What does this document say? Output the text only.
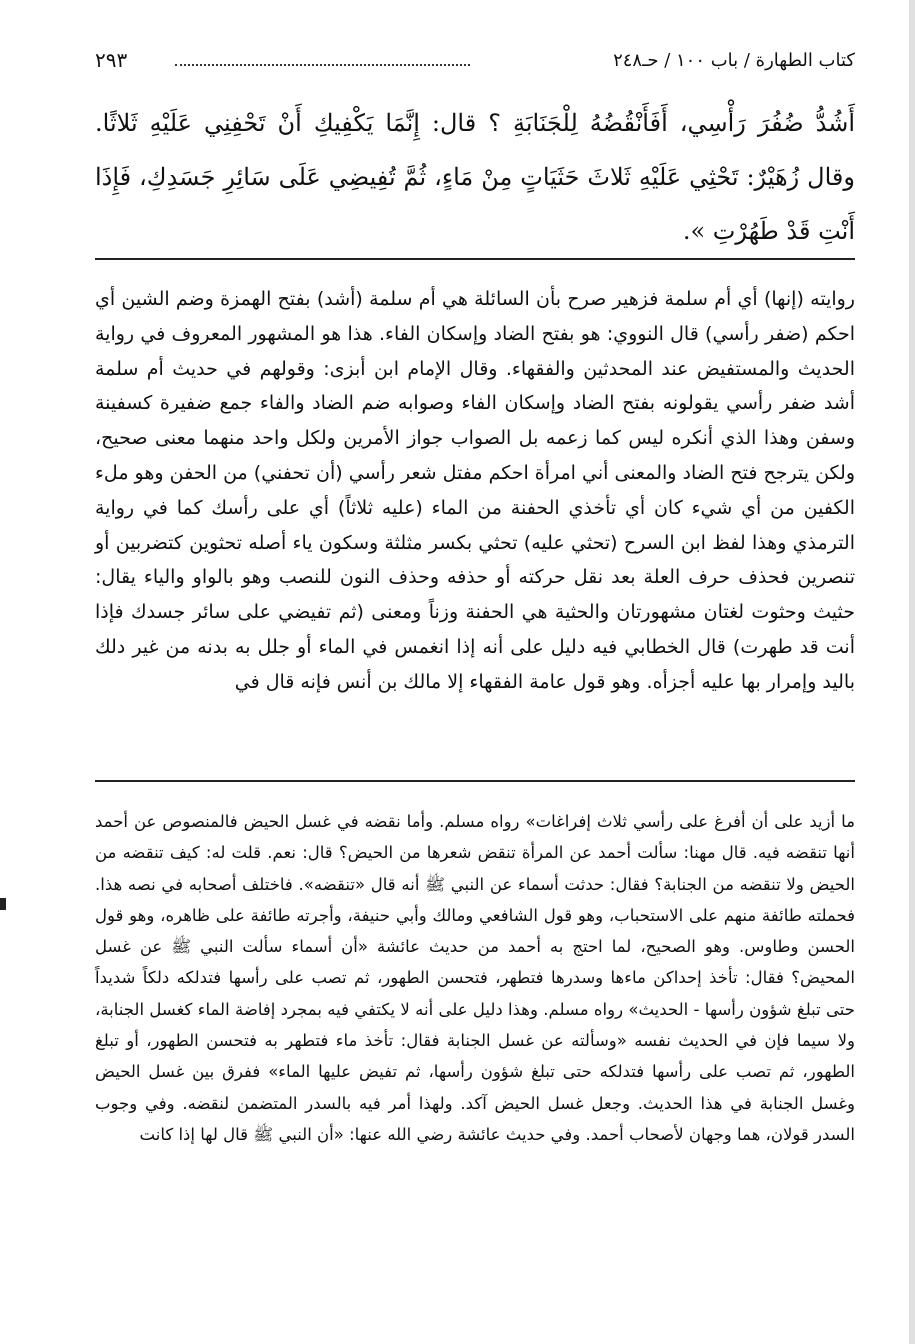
كتاب الطهارة / باب ١٠٠ / حـ٢٤٨
٢٩٣
أَشُدُّ ضُفُرَ رَأْسِي، أَفَأَنْقُضُهُ لِلْجَنَابَةِ ؟ قال: إِنَّمَا يَكْفِيكِ أَنْ تَحْفِنِي عَلَيْهِ ثَلاثًا. وقال زُهَيْرٌ: تَحْثِي عَلَيْهِ ثَلاثَ حَثَيَاتٍ مِنْ مَاءٍ، ثُمَّ تُفِيضِي عَلَى سَائِرِ جَسَدِكِ، فَإِذَا أَنْتِ قَدْ طَهُرْتِ ».
روايته (إنها) أي أم سلمة فزهير صرح بأن السائلة هي أم سلمة (أشد) بفتح الهمزة وضم الشين أي احكم (ضفر رأسي) قال النووي: هو بفتح الضاد وإسكان الفاء. هذا هو المشهور المعروف في رواية الحديث والمستفيض عند المحدثين والفقهاء. وقال الإمام ابن أبزى: وقولهم في حديث أم سلمة أشد ضفر رأسي يقولونه بفتح الضاد وإسكان الفاء وصوابه ضم الضاد والفاء جمع ضفيرة كسفينة وسفن وهذا الذي أنكره ليس كما زعمه بل الصواب جواز الأمرين ولكل واحد منهما معنى صحيح، ولكن يترجح فتح الضاد والمعنى أني امرأة احكم مفتل شعر رأسي (أن تحفني) من الحفن وهو ملء الكفين من أي شيء كان أي تأخذي الحفنة من الماء (عليه ثلاثاً) أي على رأسك كما في رواية الترمذي وهذا لفظ ابن السرح (تحثي عليه) تحثي بكسر مثلثة وسكون ياء أصله تحثوين كتضربين أو تنصرين فحذف حرف العلة بعد نقل حركته أو حذفه وحذف النون للنصب وهو بالواو والياء يقال: حثيث وحثوت لغتان مشهورتان والحثية هي الحفنة وزناً ومعنى (ثم تفيضي على سائر جسدك فإذا أنت قد طهرت) قال الخطابي فيه دليل على أنه إذا انغمس في الماء أو جلل به بدنه من غير دلك باليد وإمرار بها عليه أجزأه. وهو قول عامة الفقهاء إلا مالك بن أنس فإنه قال في
ما أزيد على أن أفرغ على رأسي ثلاث إفراغات» رواه مسلم. وأما نقضه في غسل الحيض فالمنصوص عن أحمد أنها تنقضه فيه. قال مهنا: سألت أحمد عن المرأة تنقض شعرها من الحيض؟ قال: نعم. قلت له: كيف تنقضه من الحيض ولا تنقضه من الجنابة؟ فقال: حدثت أسماء عن النبي ﷺ أنه قال «تنقضه». فاختلف أصحابه في نصه هذا. فحملته طائفة منهم على الاستحباب، وهو قول الشافعي ومالك وأبي حنيفة، وأجرته طائفة على ظاهره، وهو قول الحسن وطاوس. وهو الصحيح، لما احتج به أحمد من حديث عائشة «أن أسماء سألت النبي ﷺ عن غسل المحيض؟ فقال: تأخذ إحداكن ماءها وسدرها فتطهر، فتحسن الطهور، ثم تصب على رأسها فتدلكه دلكاً شديداً حتى تبلغ شؤون رأسها - الحديث» رواه مسلم. وهذا دليل على أنه لا يكتفي فيه بمجرد إفاضة الماء كغسل الجنابة، ولا سيما فإن في الحديث نفسه «وسألته عن غسل الجنابة فقال: تأخذ ماء فتطهر به فتحسن الطهور، أو تبلغ الطهور، ثم تصب على رأسها فتدلكه حتى تبلغ شؤون رأسها، ثم تفيض عليها الماء» ففرق بين غسل الحيض وغسل الجنابة في هذا الحديث. وجعل غسل الحيض آكد. ولهذا أمر فيه بالسدر المتضمن لنقضه. وفي وجوب السدر قولان، هما وجهان لأصحاب أحمد. وفي حديث عائشة رضي الله عنها: «أن النبي ﷺ قال لها إذا كانت
